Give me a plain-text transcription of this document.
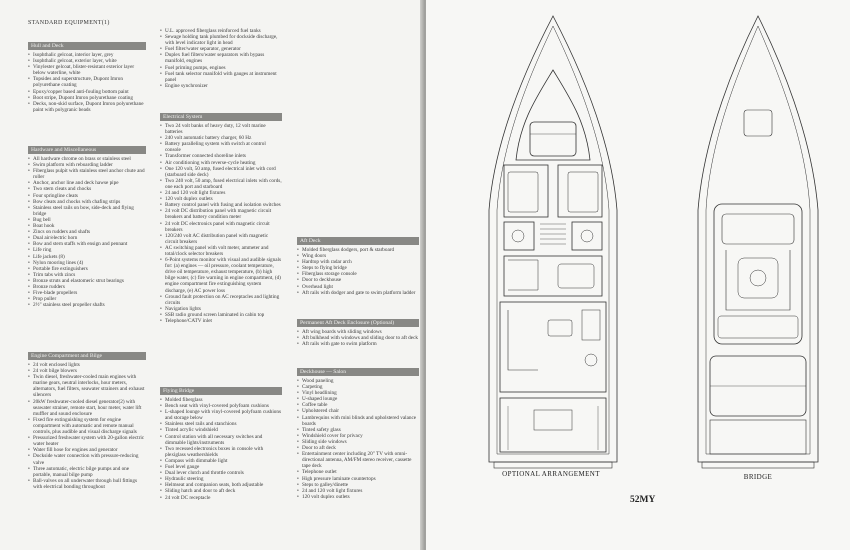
STANDARD EQUIPMENT(1)
Hull and Deck
• Isophthalic gelcoat, interior layer, grey
• Isophthalic gelcoat, exterior layer, white
• Vinylester gelcoat, blister-resistant exterior layer below waterline, white
• Topsides and superstructure, Dupont Imron polyurethane coating
• Epoxy/copper based anti-fouling bottom paint
• Boot stripe, Dupont Imron polyurethane coating
• Decks, non-skid surface, Dupont Imron polyurethane paint with polygranic beads
Hardware and Miscellaneous
• All hardware chrome on brass or stainless steel
• Swim platform with reboarding ladder
• Fiberglass pulpit with stainless steel anchor chute and roller
• Anchor, anchor line and deck hawse pipe
• Two stern cleats and chocks
• Four springline cleats
• Bow cleats and chocks with chafing strips
• Stainless steel rails on bow, side-deck and flying bridge
• Bug bell
• Boat hook
• Zincs on rudders and shafts
• Dual air/electric horn
• Bow and stern staffs with ensign and pennant
• Life ring
• Life jackets (8)
• Nylon mooring lines (4)
• Portable fire extinguishers
• Trim tabs with zincs
• Bronze struts and elastomeric strut bearings
• Bronze rudders
• Five-blade propellers
• Prop puller
• 2½" stainless steel propeller shafts
Engine Compartment and Bilge
• 24 volt enclosed lights
• 24 volt bilge blowers
• Twin diesel, freshwater-cooled main engines with marine gears, neutral interlocks, hour meters, alternators, fuel filters, seawater strainers and exhaust silencers
• 20kW freshwater-cooled diesel generator(2) with seawater strainer, remote start, hour meter, water lift muffler and sound enclosure
• Fixed fire extinguishing system for engine compartment with automatic and remote manual controls, plus audible and visual discharge signals
• Pressurized freshwater system with 20-gallon electric water heater
• Water fill hose for engines and generator
• Dockside water connection with pressure-reducing valve
• Three automatic, electric bilge pumps and one portable, manual bilge pump
• Ball-valves on all underwater through hull fittings with electrical bonding throughout
• U.L. approved fiberglass reinforced fuel tanks
• Sewage holding tank plumbed for dockside discharge, with level indicator light in head
• Fuel filter/water separator, generator
• Duplex fuel filters/water separators with bypass manifold, engines
• Fuel priming pumps, engines
• Fuel tank selector manifold with gauges at instrument panel
• Engine synchronizer
Electrical System
• Two 24 volt banks of heavy duty, 12 volt marine batteries
• 240 volt automatic battery charger, 60 Hz
• Battery paralleling system with switch at control console
• Transformer connected shoreline inlets
• Air conditioning with reverse-cycle heating
• One 120 volt, 50 amp, fused electrical inlet with cord (starboard side deck)
• Two 240 volt, 50 amp, fused electrical inlets with cords, one each port and starboard
• 24 and 120 volt light fixtures
• 120 volt duplex outlets
• Battery control panel with fusing and isolation switches
• 24 volt DC distribution panel with magnetic circuit breakers and battery condition meter
• 24 volt DC electronics panel with magnetic circuit breakers
• 120/240 volt AC distribution panel with magnetic circuit breakers
• AC switching panel with volt meter, ammeter and total/clock selector breakers
• 6-Point systems monitor with visual and audible signals for: (a) engines — oil pressure, coolant temperature, drive oil temperature, exhaust temperature, (b) high bilge water, (c) fire warning in engine compartment, (d) engine compartment fire extinguishing system discharge, (e) AC power loss
• Ground fault protection on AC receptacles and lighting circuits
• Navigation lights
• SSB radio ground screen laminated in cabin top
• Telephone/CATV inlet
Flying Bridge
• Molded fiberglass
• Bench seat with vinyl-covered polyfoam cushions
• L-shaped lounge with vinyl-covered polyfoam cushions and storage below
• Stainless steel rails and stanchions
• Tinted acrylic windshield
• Control station with all necessary switches and dimmable lights/instruments
• Two recessed electronics boxes in console with plexiglass weathershields
• Compass with dimmable light
• Fuel level gauge
• Dual lever clutch and throttle controls
• Hydraulic steering
• Helmseat and companion seats, both adjustable
• Sliding hatch and door to aft deck
• 24 volt DC receptacle
Aft Deck
• Molded fiberglass dodgers, port & starboard
• Wing doors
• Hardtop with radar arch
• Steps to flying bridge
• Fiberglass storage console
• Door to deckhouse
• Overhead light
• Aft rails with dodger and gate to swim platform ladder
Permanent Aft Deck Enclosure (Optional)
• Aft wing boards with sliding windows
• Aft bulkhead with windows and sliding door to aft deck
• Aft rails with gate to swim platform
Deckhouse — Salon
• Wood paneling
• Carpeting
• Vinyl headlining
• U-shaped lounge
• Coffee table
• Upholstered chair
• Lambrequins with mini blinds and upholstered valance boards
• Tinted safety glass
• Windshield cover for privacy
• Sliding side windows
• Door to aft deck
• Entertainment center including 20" TV with omni-directional antenna, AM/FM stereo receiver, cassette tape deck
• Telephone outlet
• High pressure laminate countertops
• Steps to galley/dinette
• 24 and 120 volt light fixtures
• 120 volt duplex outlets
OPTIONAL ARRANGEMENT	BRIDGE
52MY
